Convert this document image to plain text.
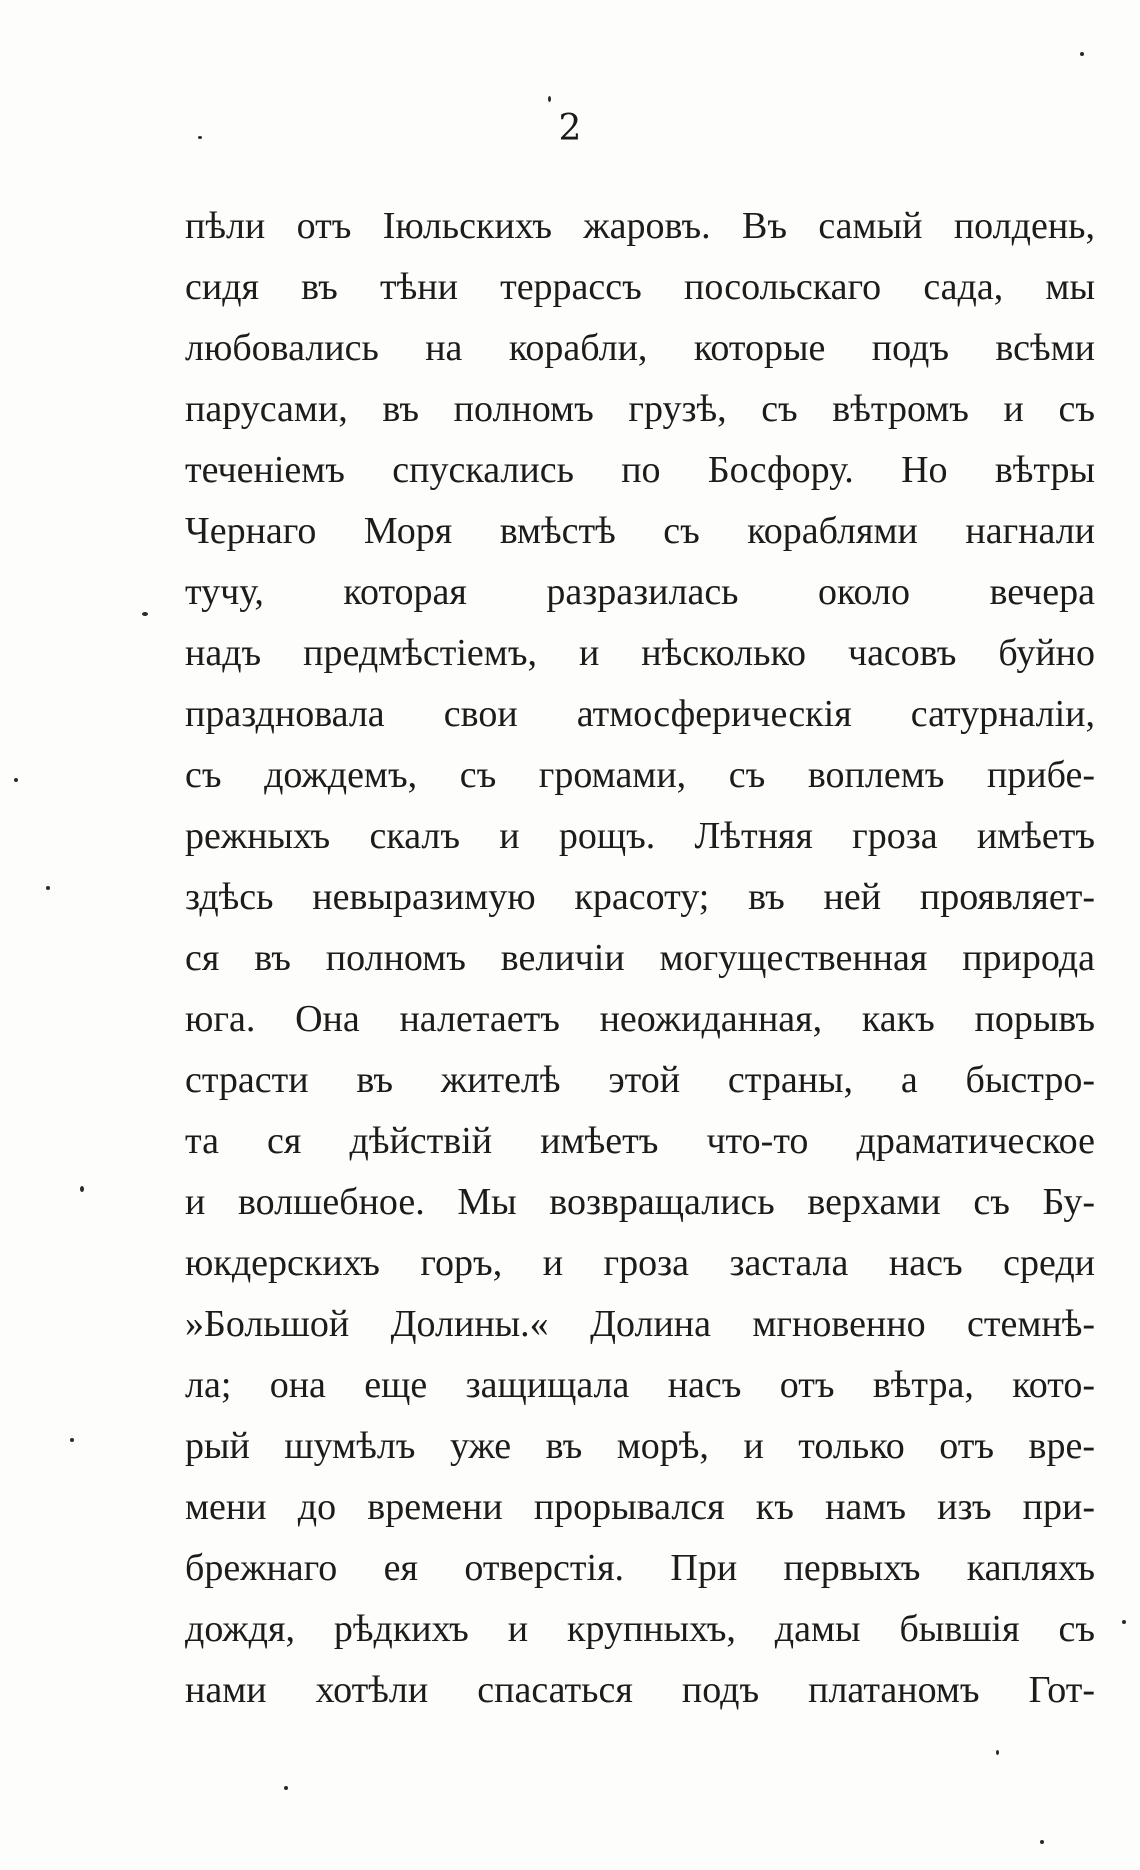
2
пѣли отъ Іюльскихъ жаровъ. Въ самый полдень,
сидя въ тѣни террассъ посольскаго сада, мы
любовались на корабли, которые подъ всѣми
парусами, въ полномъ грузѣ, съ вѣтромъ и съ
теченіемъ спускались по Босфору. Но вѣтры
Чернаго Моря вмѣстѣ съ кораблями нагнали
тучу, которая разразилась около вечера
надъ предмѣстіемъ, и нѣсколько часовъ буйно
праздновала свои атмосферическія сатурналіи,
съ дождемъ, съ громами, съ воплемъ прибе-
режныхъ скалъ и рощъ. Лѣтняя гроза имѣетъ
здѣсь невыразимую красоту; въ ней проявляет-
ся въ полномъ величіи могущественная природа
юга. Она налетаетъ неожиданная, какъ порывъ
страсти въ жителѣ этой страны, а быстро-
та ся дѣйствій имѣетъ что-то драматическое
и волшебное. Мы возвращались верхами съ Бу-
юкдерскихъ горъ, и гроза застала насъ среди
»Большой Долины.« Долина мгновенно стемнѣ-
ла; она еще защищала насъ отъ вѣтра, кото-
рый шумѣлъ уже въ морѣ, и только отъ вре-
мени до времени прорывался къ намъ изъ при-
брежнаго ея отверстія. При первыхъ капляхъ
дождя, рѣдкихъ и крупныхъ, дамы бывшія съ
нами хотѣли спасаться подъ платаномъ Гот-
